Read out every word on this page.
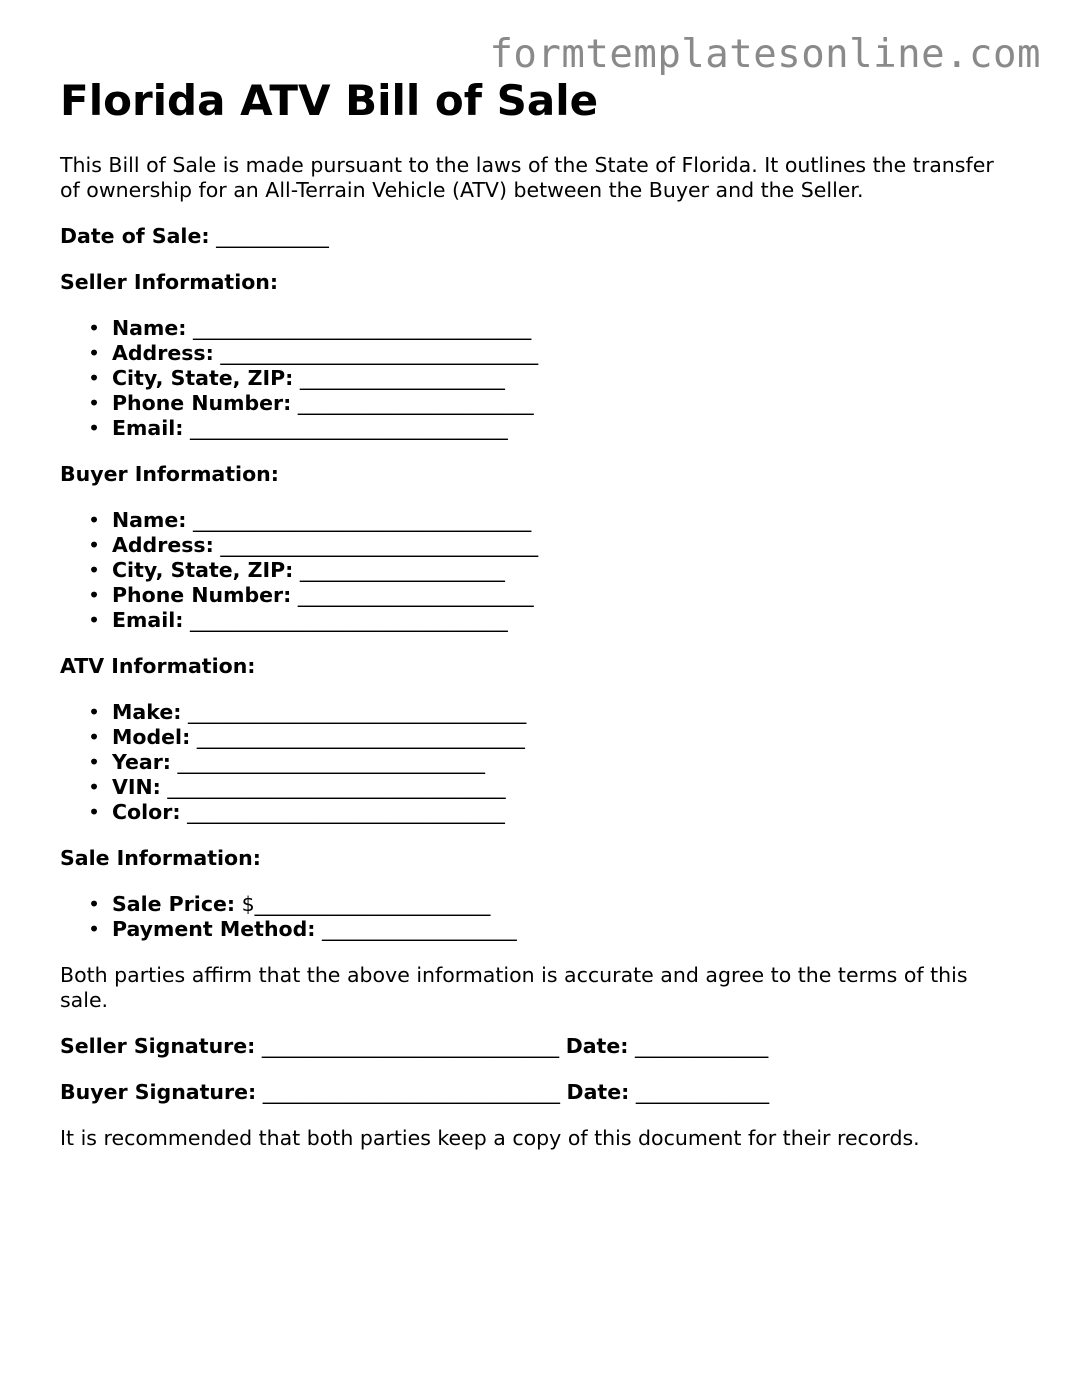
formtemplatesonline.com
Florida ATV Bill of Sale

This Bill of Sale is made pursuant to the laws of the State of Florida. It outlines the transfer of ownership for an All-Terrain Vehicle (ATV) between the Buyer and the Seller.

Date of Sale: ___________

Seller Information:

• Name: _________________________________
• Address: _______________________________
• City, State, ZIP: ____________________
• Phone Number: _______________________
• Email: _______________________________

Buyer Information:

• Name: _________________________________
• Address: _______________________________
• City, State, ZIP: ____________________
• Phone Number: _______________________
• Email: _______________________________

ATV Information:

• Make: _________________________________
• Model: ________________________________
• Year: ______________________________
• VIN: _________________________________
• Color: _______________________________

Sale Information:

• Sale Price: $_______________________
• Payment Method: ___________________

Both parties affirm that the above information is accurate and agree to the terms of this sale.

Seller Signature: _____________________________ Date: _____________

Buyer Signature: _____________________________ Date: _____________

It is recommended that both parties keep a copy of this document for their records.
